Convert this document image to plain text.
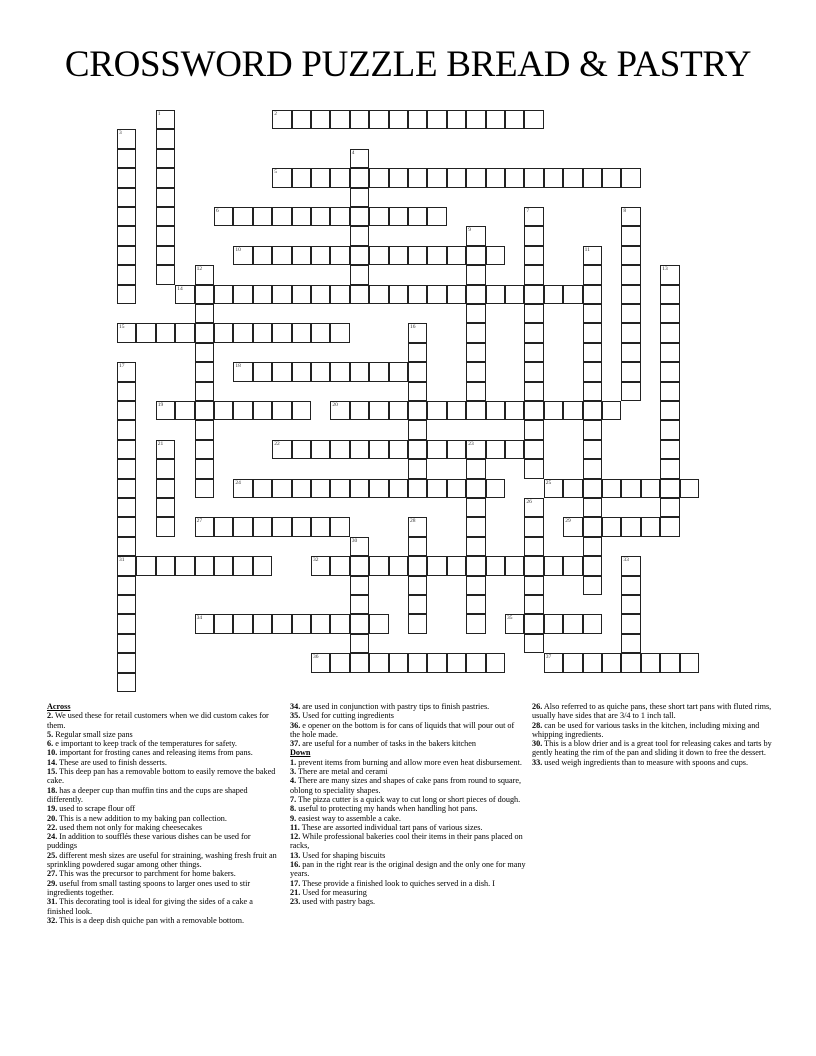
CROSSWORD PUZZLE BREAD & PASTRY
1	2
3
4
5
6	7	8
9
10	11
12	13
14
15	16
17
31
18
19	20
21	22	23
24	25
26
27	28	29
30
32	33
34	35
36	37

Across

2. We used these for retail customers when we did custom cakes for them.

5. Regular small size pans

6. e important to keep track of the temperatures for safety.

10. important for frosting canes and releasing items from pans.

14. These are used to finish desserts.

15. This deep pan has a removable bottom to easily remove the baked cake.

18. has a deeper cup than muffin tins and the cups are shaped differently.

19. used to scrape flour off

20. This is a new addition to my baking pan collection.

22. used them not only for making cheesecakes

24. In addition to soufflés these various dishes can be used for puddings

25. different mesh sizes are useful for straining, washing fresh fruit an sprinkling powdered sugar among other things.

27. This was the precursor to parchment for home bakers.

29. useful from small tasting spoons to larger ones used to stir ingredients together.

31. This decorating tool is ideal for giving the sides of a cake a finished look.

32. This is a deep dish quiche pan with a removable bottom.

34. are used in conjunction with pastry tips to finish pastries.

35. Used for cutting ingredients

36. e opener on the bottom is for cans of liquids that will pour out of the hole made.

37. are useful for a number of tasks in the bakers kitchen

Down

1. prevent items from burning and allow more even heat disbursement.

3. There are metal and cerami

4. There are many sizes and shapes of cake pans from round to square, oblong to speciality shapes.

7. The pizza cutter is a quick way to cut long or short pieces of dough.

8. useful to protecting my hands when handling hot pans.

9. easiest way to assemble a cake.

11. These are assorted individual tart pans of various sizes.

12. While professional bakeries cool their items in their pans placed on racks,

13. Used for shaping biscuits

16. pan in the right rear is the original design and the only one for many years.

17. These provide a finished look to quiches served in a dish. I

21. Used for measuring

23. used with pastry bags.

26. Also referred to as quiche pans, these short tart pans with fluted rims, usually have sides that are 3/4 to 1 inch tall.

28. can be used for various tasks in the kitchen, including mixing and whipping ingredients.

30. This is a blow drier and is a great tool for releasing cakes and tarts by gently heating the rim of the pan and sliding it down to free the dessert.

33. used weigh ingredients than to measure with spoons and cups.
